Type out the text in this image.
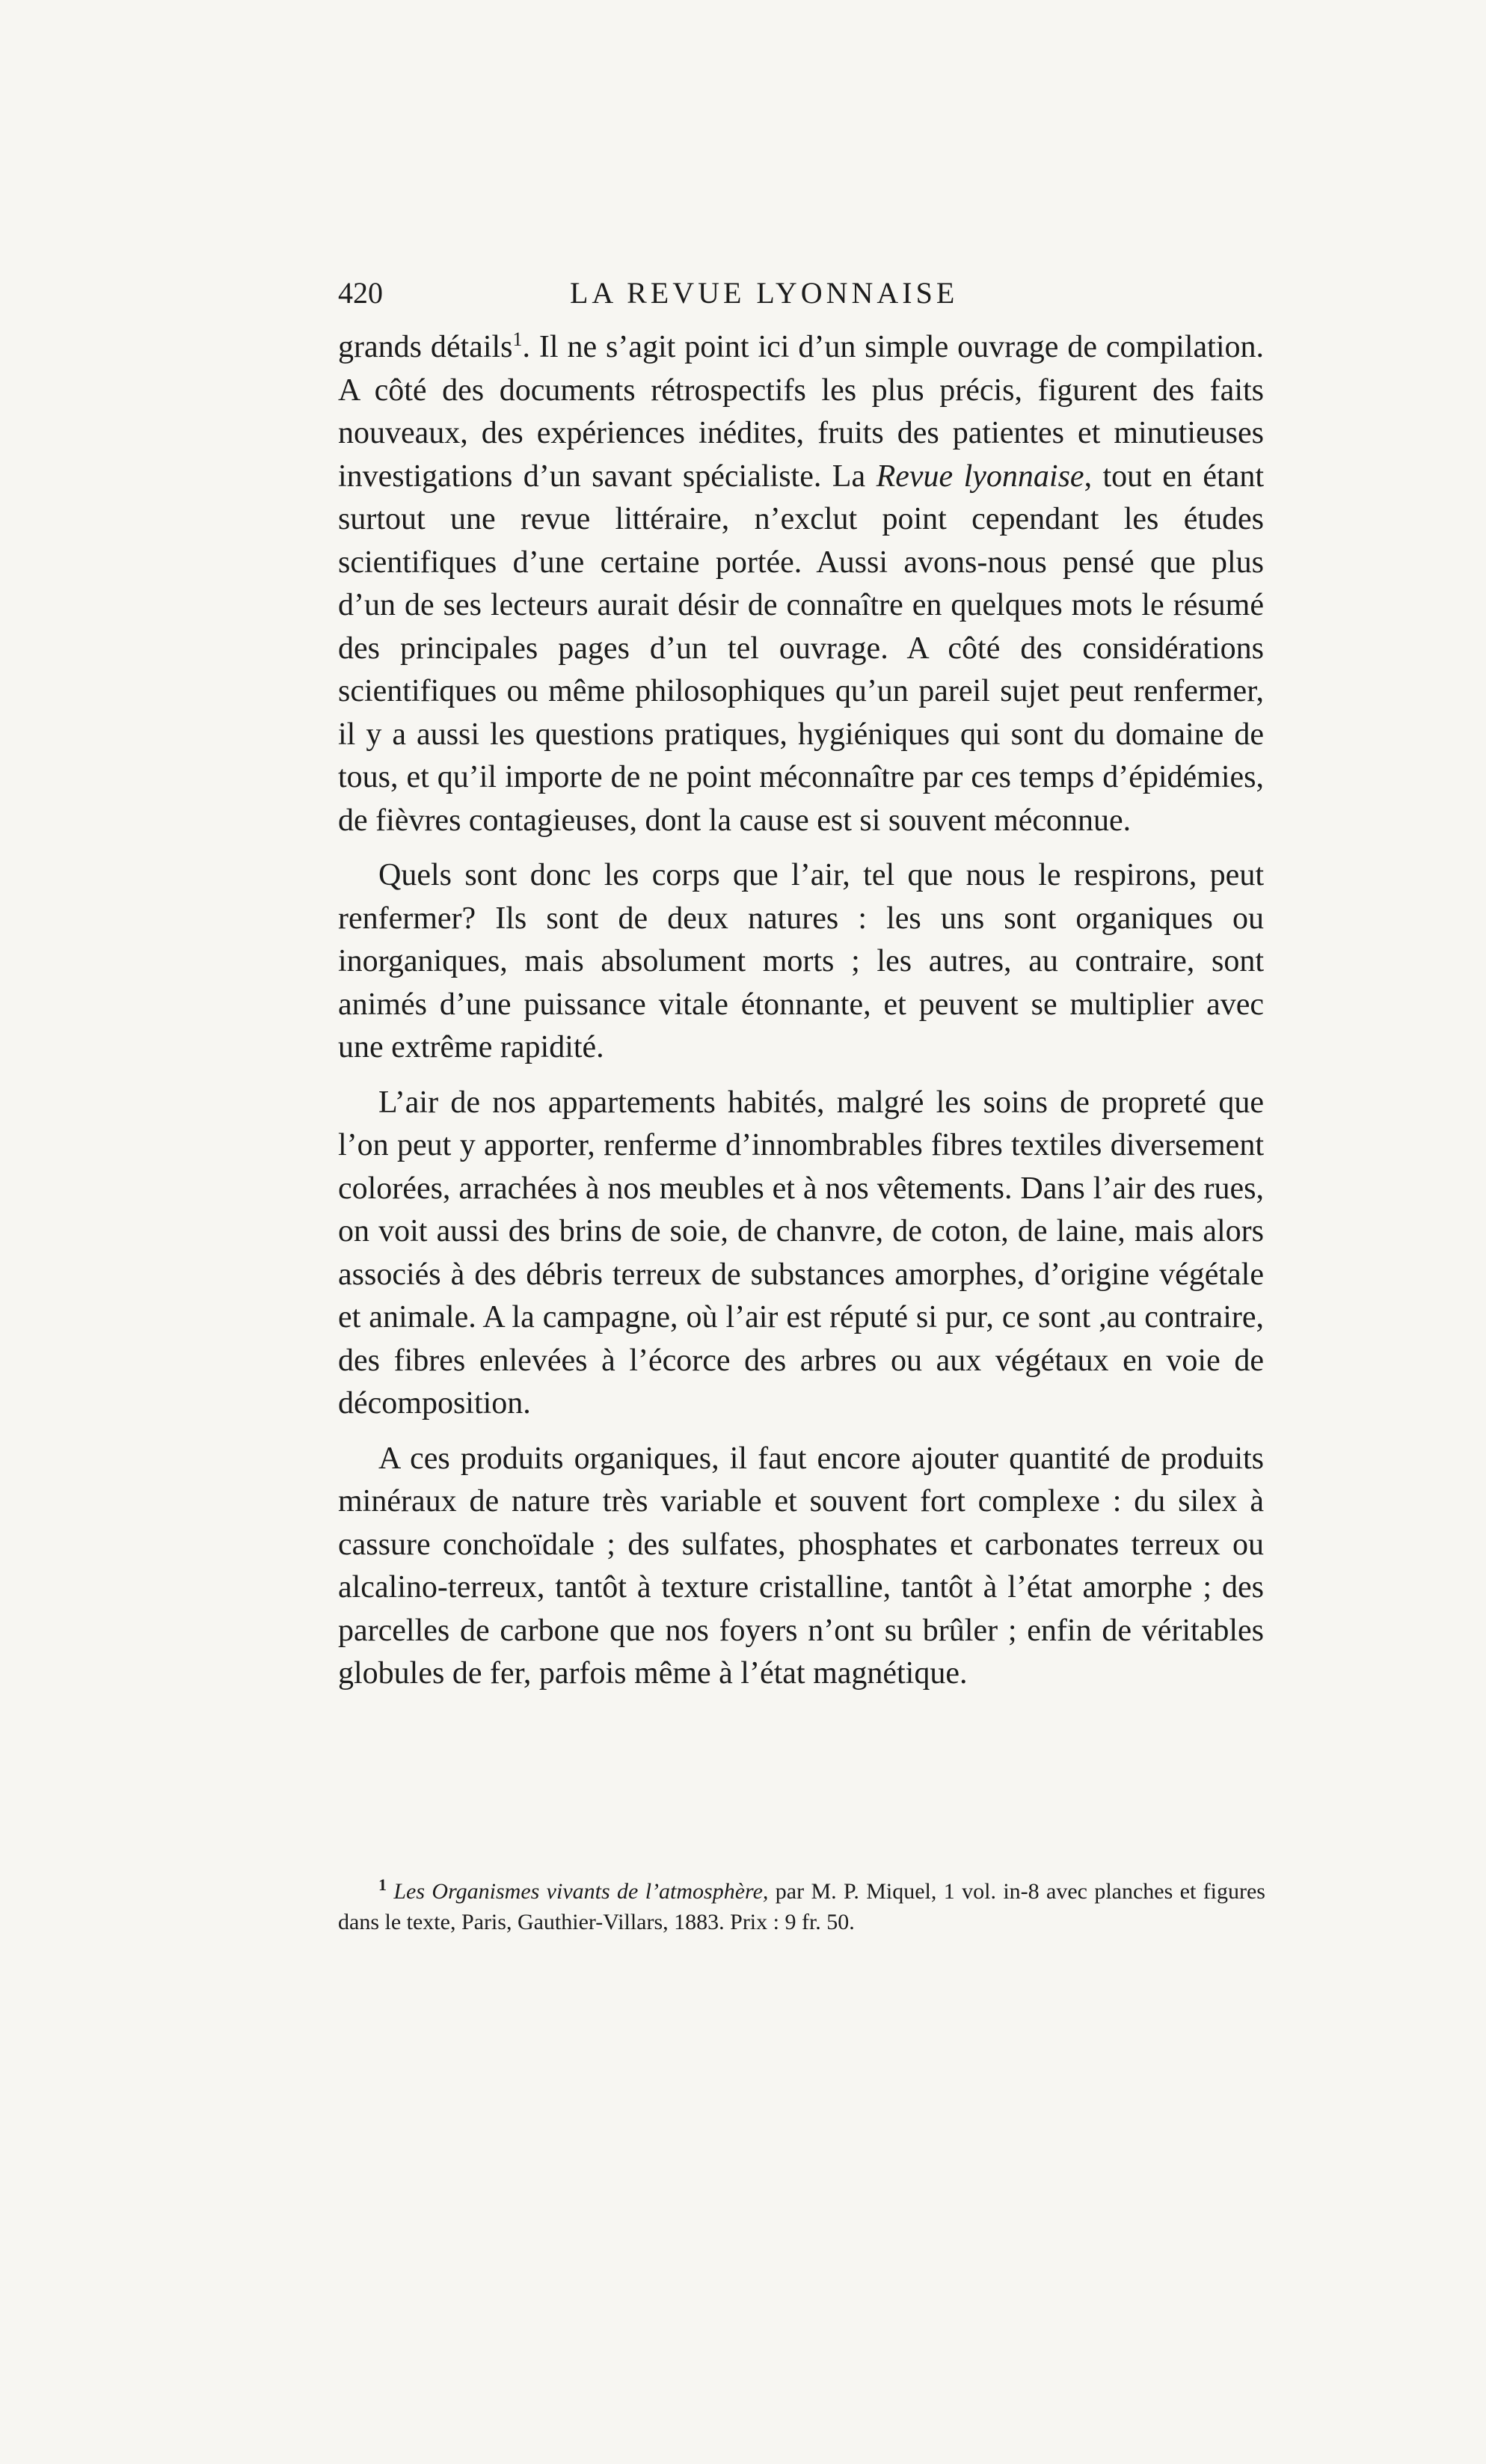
420	LA REVUE LYONNAISE

grands détails$^1$. Il ne s’agit point ici d’un simple ouvrage de compilation. A côté des documents rétrospectifs les plus précis, figurent des faits nouveaux, des expériences inédites, fruits des patientes et minutieuses investigations d’un savant spécialiste. La Revue lyonnaise, tout en étant surtout une revue littéraire, n’exclut point cependant les études scientifiques d’une certaine portée. Aussi avons-nous pensé que plus d’un de ses lecteurs aurait désir de connaître en quelques mots le résumé des principales pages d’un tel ouvrage. A côté des considérations scientifiques ou même philosophiques qu’un pareil sujet peut renfermer, il y a aussi les questions pratiques, hygiéniques qui sont du domaine de tous, et qu’il importe de ne point méconnaître par ces temps d’épidémies, de fièvres contagieuses, dont la cause est si souvent méconnue.

Quels sont donc les corps que l’air, tel que nous le respirons, peut renfermer? Ils sont de deux natures : les uns sont organiques ou inorganiques, mais absolument morts ; les autres, au contraire, sont animés d’une puissance vitale étonnante, et peuvent se multiplier avec une extrême rapidité.

L’air de nos appartements habités, malgré les soins de propreté que l’on peut y apporter, renferme d’innombrables fibres textiles diversement colorées, arrachées à nos meubles et à nos vêtements. Dans l’air des rues, on voit aussi des brins de soie, de chanvre, de coton, de laine, mais alors associés à des débris terreux de substances amorphes, d’origine végétale et animale. A la campagne, où l’air est réputé si pur, ce sont ,au contraire, des fibres enlevées à l’écorce des arbres ou aux végétaux en voie de décomposition.

A ces produits organiques, il faut encore ajouter quantité de produits minéraux de nature très variable et souvent fort complexe : du silex à cassure conchoïdale ; des sulfates, phosphates et carbonates terreux ou alcalino-terreux, tantôt à texture cristalline, tantôt à l’état amorphe ; des parcelles de carbone que nos foyers n’ont su brûler ; enfin de véritables globules de fer, parfois même à l’état magnétique.

$^1$ Les Organismes vivants de l’atmosphère, par M. P. Miquel, 1 vol. in-8 avec planches et figures dans le texte, Paris, Gauthier-Villars, 1883. Prix : 9 fr. 50.
